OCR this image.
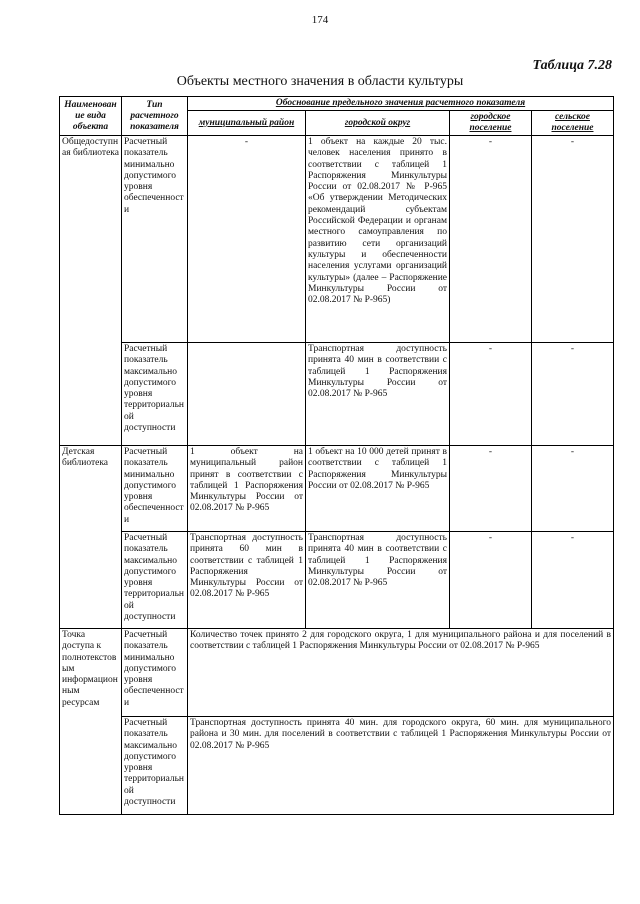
174
Таблица 7.28
Объекты местного значения в области культуры
Наименование вида объекта	Тип расчетного показателя	Обоснование предельного значения расчетного показателя			
		муниципальный район	городской округ	городское поселение	сельское поселение
Общедоступная библиотека	Расчетный показатель минимально допустимого уровня обеспеченности	-	1 объект на каждые 20 тыс. человек населения принято в соответствии с таблицей 1 Распоряжения Минкультуры России от 02.08.2017 № Р-965 «Об утверждении Методических рекомендаций субъектам Российской Федерации и органам местного самоуправления по развитию сети организаций культуры и обеспеченности населения услугами организаций культуры» (далее – Распоряжение Минкультуры России от 02.08.2017 № Р-965)	-	-
	Расчетный показатель максимально допустимого уровня территориальной доступности		Транспортная доступность принята 40 мин в соответствии с таблицей 1 Распоряжения Минкультуры России от 02.08.2017 № Р-965	-	-
Детская библиотека	Расчетный показатель минимально допустимого уровня обеспеченности	1 объект на муниципальный район принят в соответствии с таблицей 1 Распоряжения Минкультуры России от 02.08.2017 № Р-965	1 объект на 10 000 детей принят в соответствии с таблицей 1 Распоряжения Минкультуры России от 02.08.2017 № Р-965	-	-
	Расчетный показатель максимально допустимого уровня территориальной доступности	Транспортная доступность принята 60 мин в соответствии с таблицей 1 Распоряжения Минкультуры России от 02.08.2017 № Р-965	Транспортная доступность принята 40 мин в соответствии с таблицей 1 Распоряжения Минкультуры России от 02.08.2017 № Р-965	-	-
Точка доступа к полнотекстовым информационным ресурсам	Расчетный показатель минимально допустимого уровня обеспеченности	Количество точек принято 2 для городского округа, 1 для муниципального района и для поселений в соответствии с таблицей 1 Распоряжения Минкультуры России от 02.08.2017 № Р-965			
	Расчетный показатель максимально допустимого уровня территориальной доступности	Транспортная доступность принята 40 мин. для городского округа, 60 мин. для муниципального района и 30 мин. для поселений в соответствии с таблицей 1 Распоряжения Минкультуры России от 02.08.2017 № Р-965			
